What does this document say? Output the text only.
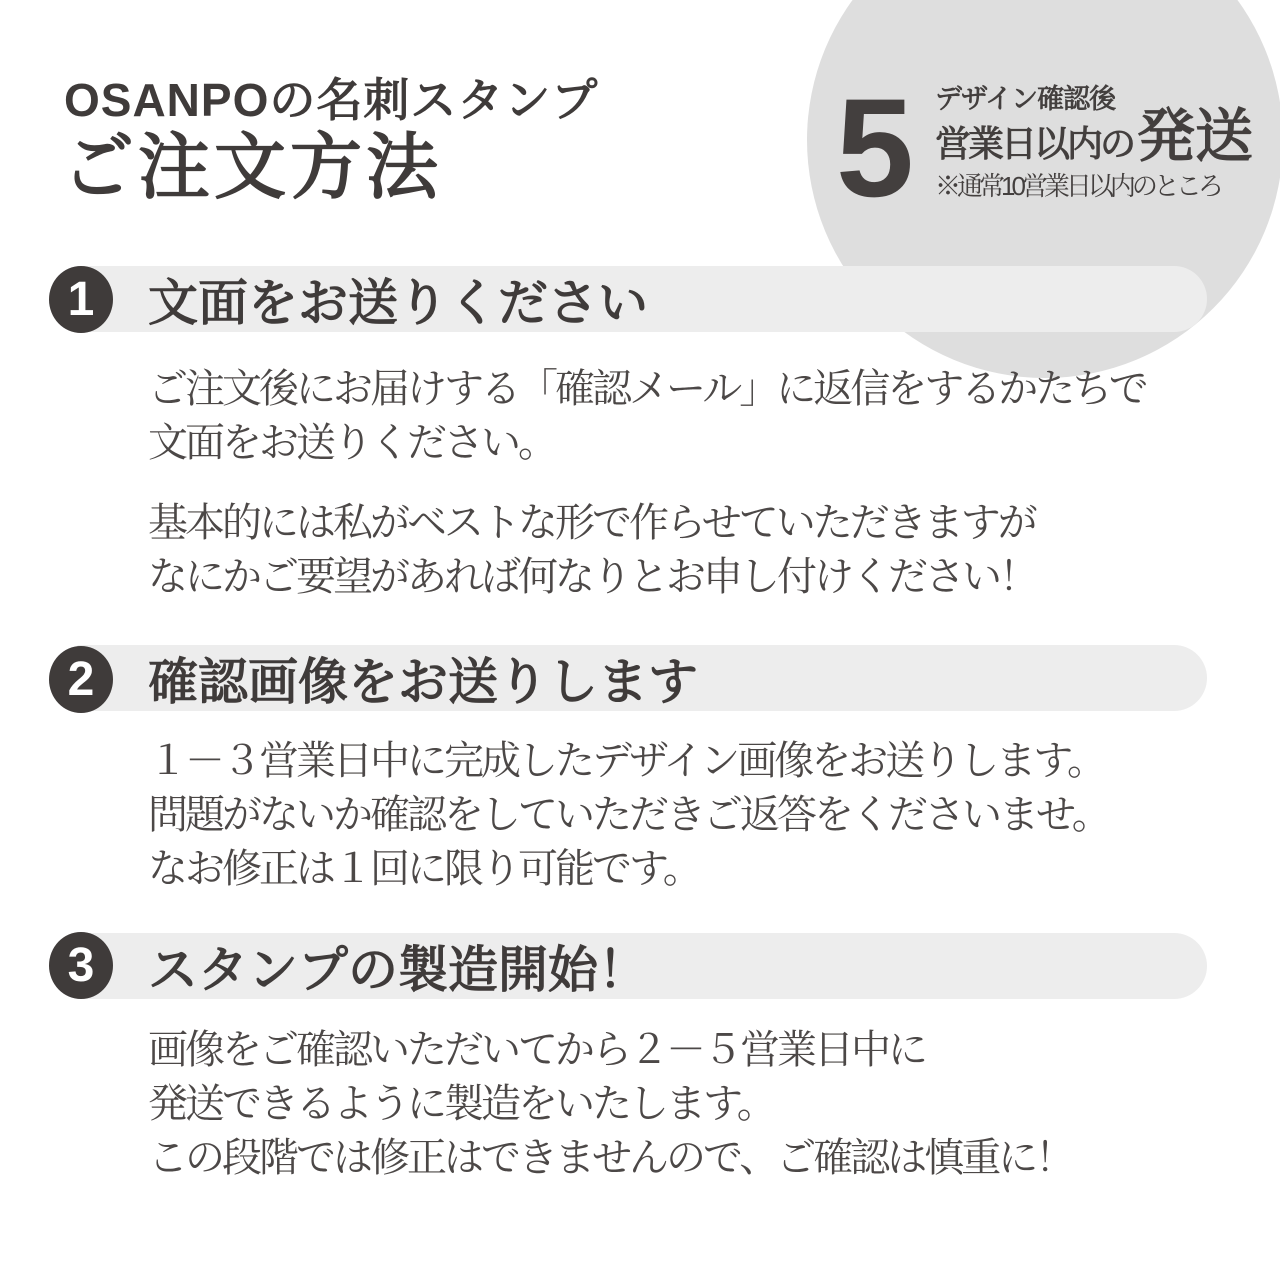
OSANPOの名刺スタンプ
ご注文方法	5 デザイン確認後
営業日以内の 発送
※通常10営業日以内のところ
文面をお送りください
1
ご注文後にお届けする「確認メール」に返信をするかたちで
文面をお送りください。
基本的には私がベストな形で作らせていただきますが
なにかご要望があれば何なりとお申し付けください！
確認画像をお送りします
2
１－３営業日中に完成したデザイン画像をお送りします。
問題がないか確認をしていただきご返答をくださいませ。
なお修正は１回に限り可能です。
スタンプの製造開始！
3
画像をご確認いただいてから２－５営業日中に
発送できるように製造をいたします。
この段階では修正はできませんので、ご確認は慎重に！
